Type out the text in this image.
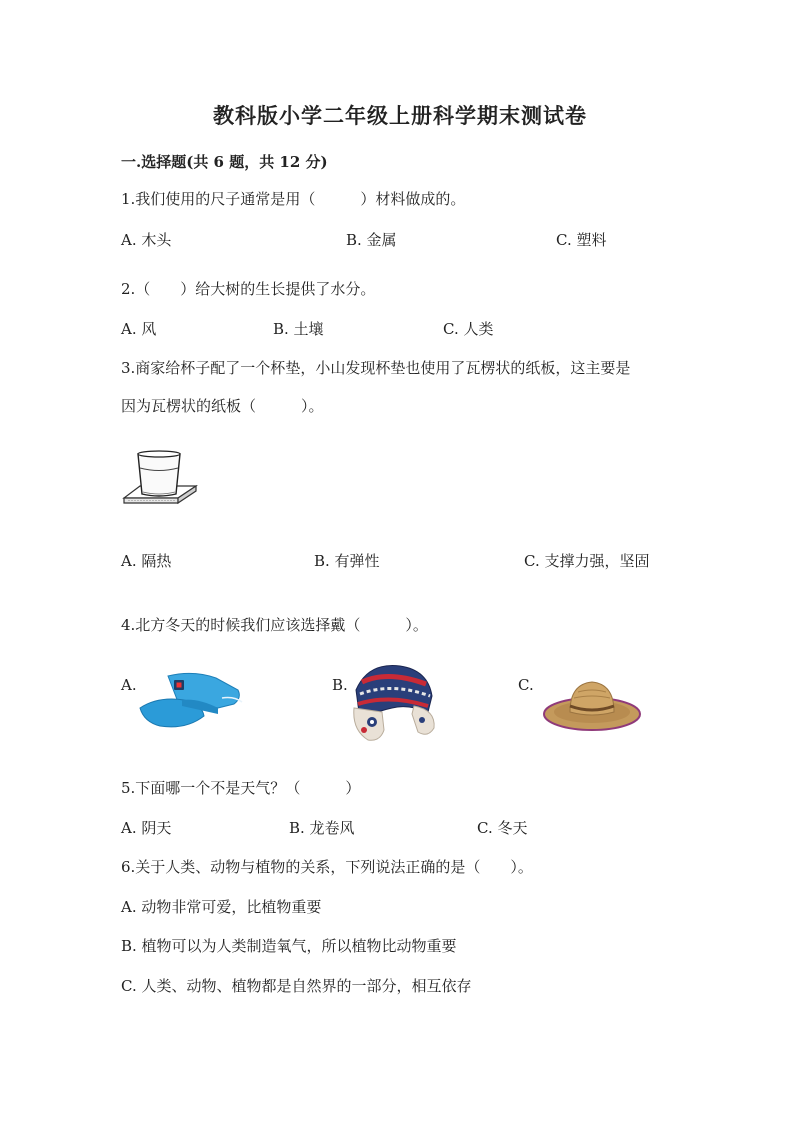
教科版小学二年级上册科学期末测试卷
一.选择题(共 6 题，共 12 分)
1.我们使用的尺子通常是用（　　　）材料做成的。
A. 木头	B. 金属	C. 塑料
2.（　　）给大树的生长提供了水分。
A. 风	B. 土壤	C. 人类
3.商家给杯子配了一个杯垫，小山发现杯垫也使用了瓦楞状的纸板，这主要是
因为瓦楞状的纸板（　　　）。
A. 隔热	B. 有弹性	C. 支撑力强，坚固
4.北方冬天的时候我们应该选择戴（　　　）。
A.	B.	C.
5.下面哪一个不是天气？（　　　）
A. 阴天	B. 龙卷风	C. 冬天
6.关于人类、动物与植物的关系，下列说法正确的是（　　）。
A. 动物非常可爱，比植物重要
B. 植物可以为人类制造氧气，所以植物比动物重要
C. 人类、动物、植物都是自然界的一部分，相互依存
